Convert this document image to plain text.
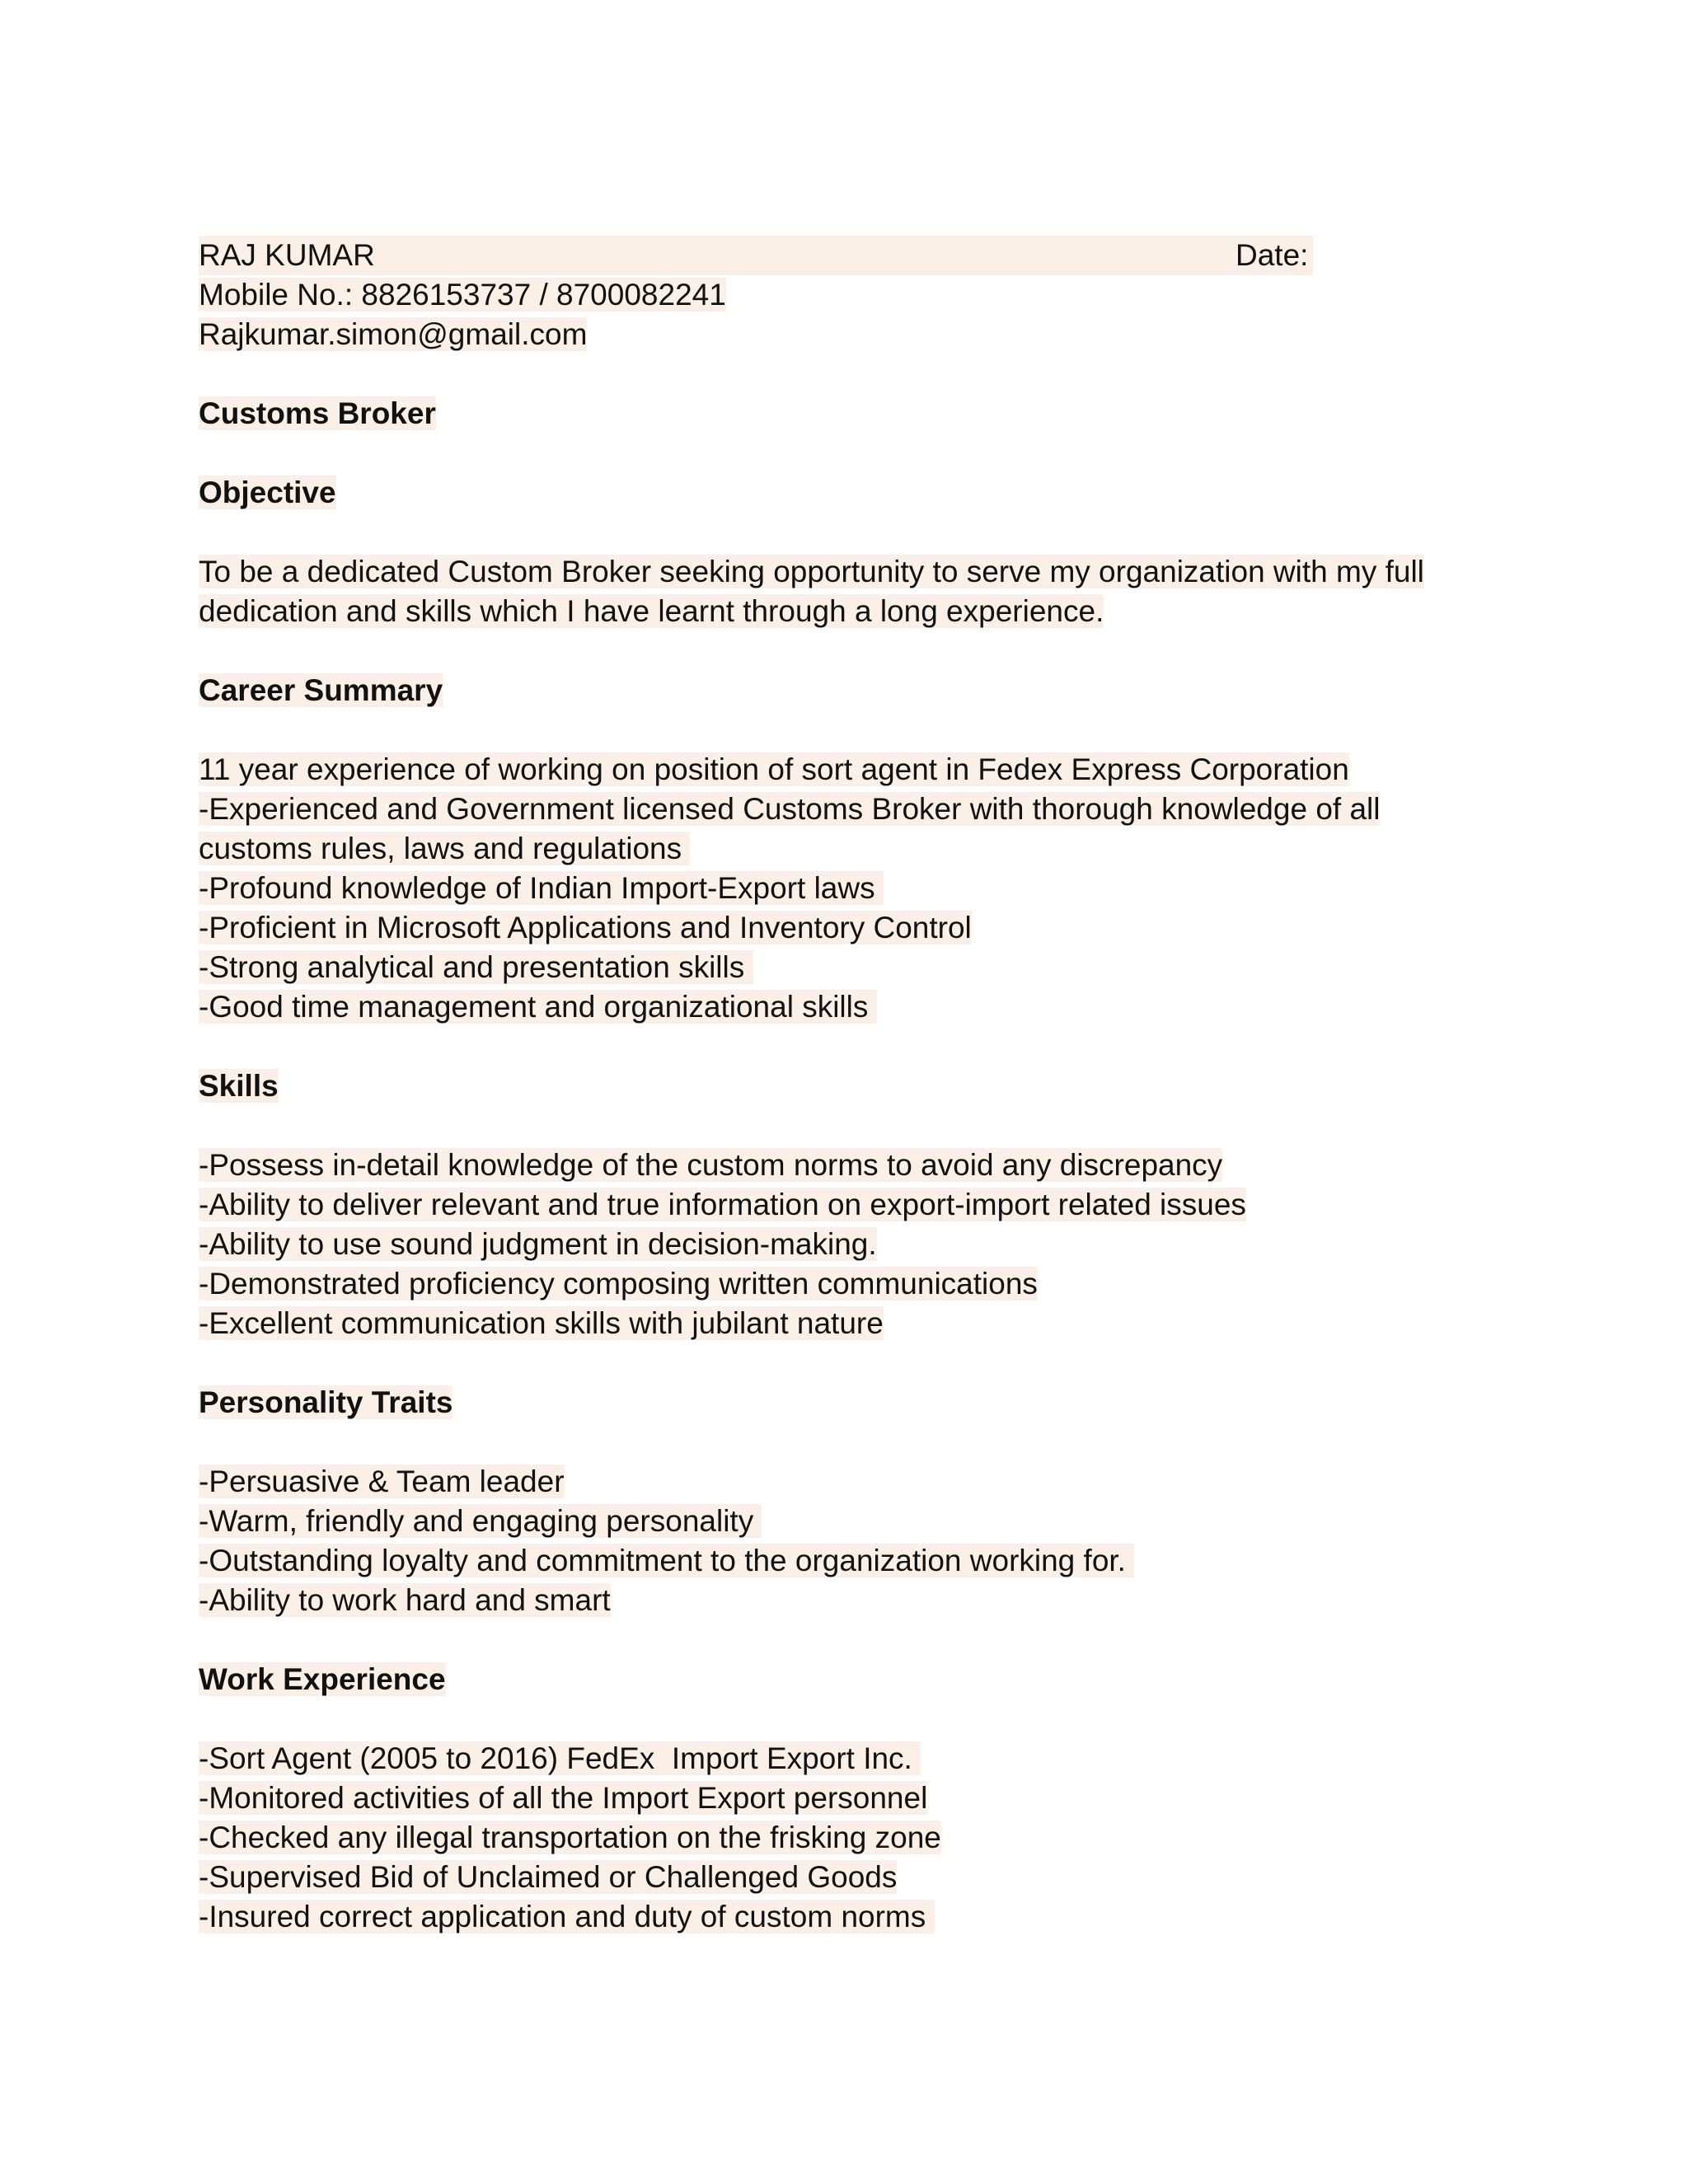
RAJ KUMAR	Date:
Mobile No.: 8826153737 / 8700082241
Rajkumar.simon@gmail.com
Customs Broker
Objective
To be a dedicated Custom Broker seeking opportunity to serve my organization with my full
dedication and skills which I have learnt through a long experience.
Career Summary
11 year experience of working on position of sort agent in Fedex Express Corporation
-Experienced and Government licensed Customs Broker with thorough knowledge of all
customs rules, laws and regulations
-Profound knowledge of Indian Import-Export laws
-Proficient in Microsoft Applications and Inventory Control
-Strong analytical and presentation skills
-Good time management and organizational skills
Skills
-Possess in-detail knowledge of the custom norms to avoid any discrepancy
-Ability to deliver relevant and true information on export-import related issues
-Ability to use sound judgment in decision-making.
-Demonstrated proficiency composing written communications
-Excellent communication skills with jubilant nature
Personality Traits
-Persuasive & Team leader
-Warm, friendly and engaging personality
-Outstanding loyalty and commitment to the organization working for.
-Ability to work hard and smart
Work Experience
-Sort Agent (2005 to 2016) FedEx  Import Export Inc.
-Monitored activities of all the Import Export personnel
-Checked any illegal transportation on the frisking zone
-Supervised Bid of Unclaimed or Challenged Goods
-Insured correct application and duty of custom norms
